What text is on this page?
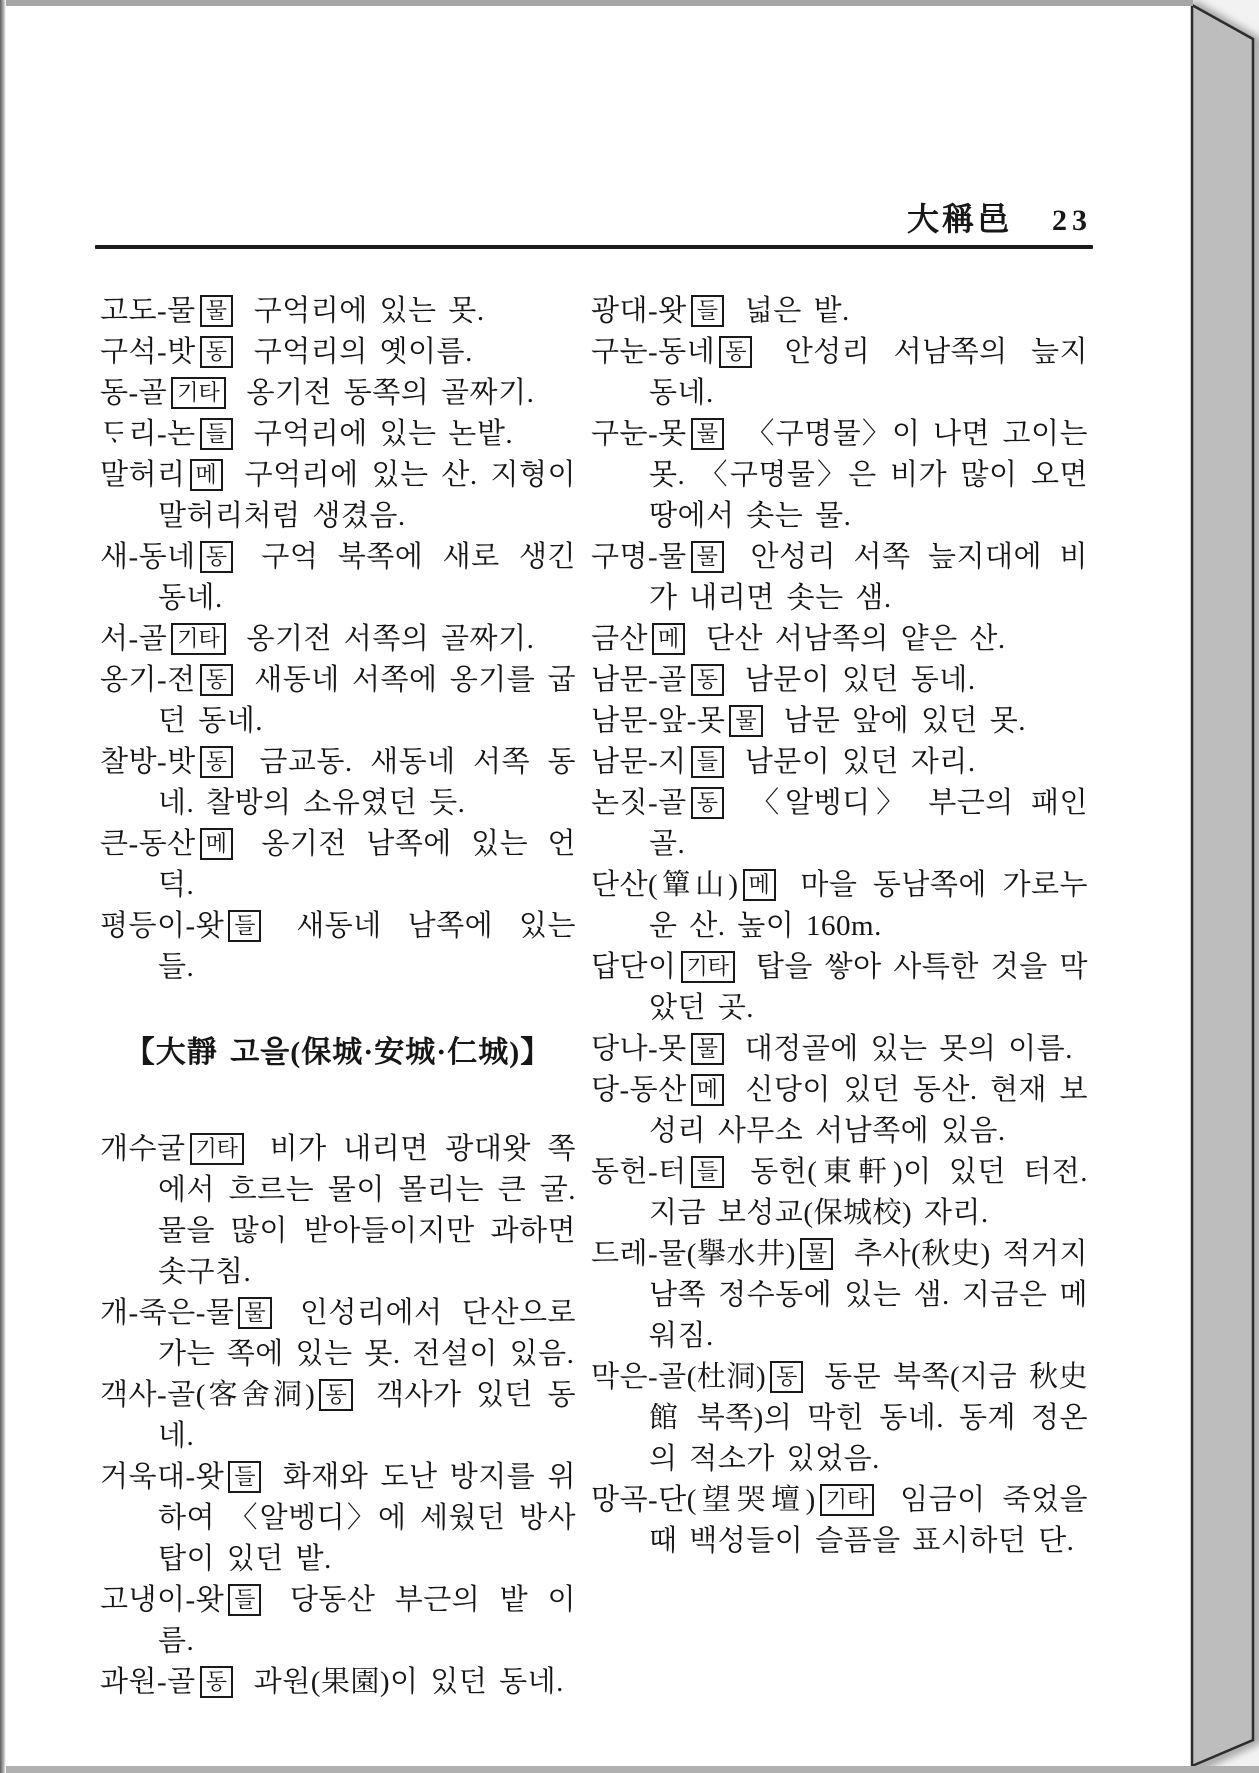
大稱邑 23

고도-물 물 구억리에 있는 못.

구석-밧 동 구억리의 옛이름.

동-골 기타 옹기전 동쪽의 골짜기.

ᄃᆞ리-논 들 구억리에 있는 논밭.

말허리 메 구억리에 있는 산. 지형이 말허리처럼 생겼음.

새-동네 동 구억 북쪽에 새로 생긴 동네.

서-골 기타 옹기전 서쪽의 골짜기.

옹기-전 동 새동네 서쪽에 옹기를 굽던 동네.

찰방-밧 동 금교동. 새동네 서쪽 동네. 찰방의 소유였던 듯.

큰-동산 메 옹기전 남쪽에 있는 언덕.

평등이-왓 들 새동네 남쪽에 있는 들.

【大靜 고을(保城·安城·仁城)】

개수굴 기타 비가 내리면 광대왓 쪽에서 흐르는 물이 몰리는 큰 굴. 물을 많이 받아들이지만 과하면 솟구침.

개-죽은-물 물 인성리에서 단산으로 가는 쪽에 있는 못. 전설이 있음.

객사-골(客舍洞) 동 객사가 있던 동네.

거욱대-왓 들 화재와 도난 방지를 위하여 〈알벵디〉에 세웠던 방사탑이 있던 밭.

고냉이-왓 들 당동산 부근의 밭 이름.

과원-골 동 과원(果園)이 있던 동네.

광대-왓 들 넓은 밭.

구눈-동네 동 안성리 서남쪽의 늪지 동네.

구눈-못 물 〈구명물〉이 나면 고이는 못. 〈구명물〉은 비가 많이 오면 땅에서 솟는 물.

구명-물 물 안성리 서쪽 늪지대에 비가 내리면 솟는 샘.

금산 메 단산 서남쪽의 얕은 산.

남문-골 동 남문이 있던 동네.

남문-앞-못 물 남문 앞에 있던 못.

남문-지 들 남문이 있던 자리.

논짓-골 동 〈알벵디〉 부근의 패인 골.

단산(簞山) 메 마을 동남쪽에 가로누운 산. 높이 160m.

답단이 기타 탑을 쌓아 사특한 것을 막았던 곳.

당나-못 물 대정골에 있는 못의 이름.

당-동산 메 신당이 있던 동산. 현재 보성리 사무소 서남쪽에 있음.

동헌-터 들 동헌(東軒)이 있던 터전. 지금 보성교(保城校) 자리.

드레-물(擧水井) 물 추사(秋史) 적거지 남쪽 정수동에 있는 샘. 지금은 메워짐.

막은-골(杜洞) 동 동문 북쪽(지금 秋史館 북쪽)의 막힌 동네. 동계 정온의 적소가 있었음.

망곡-단(望哭壇) 기타 임금이 죽었을 때 백성들이 슬픔을 표시하던 단.
